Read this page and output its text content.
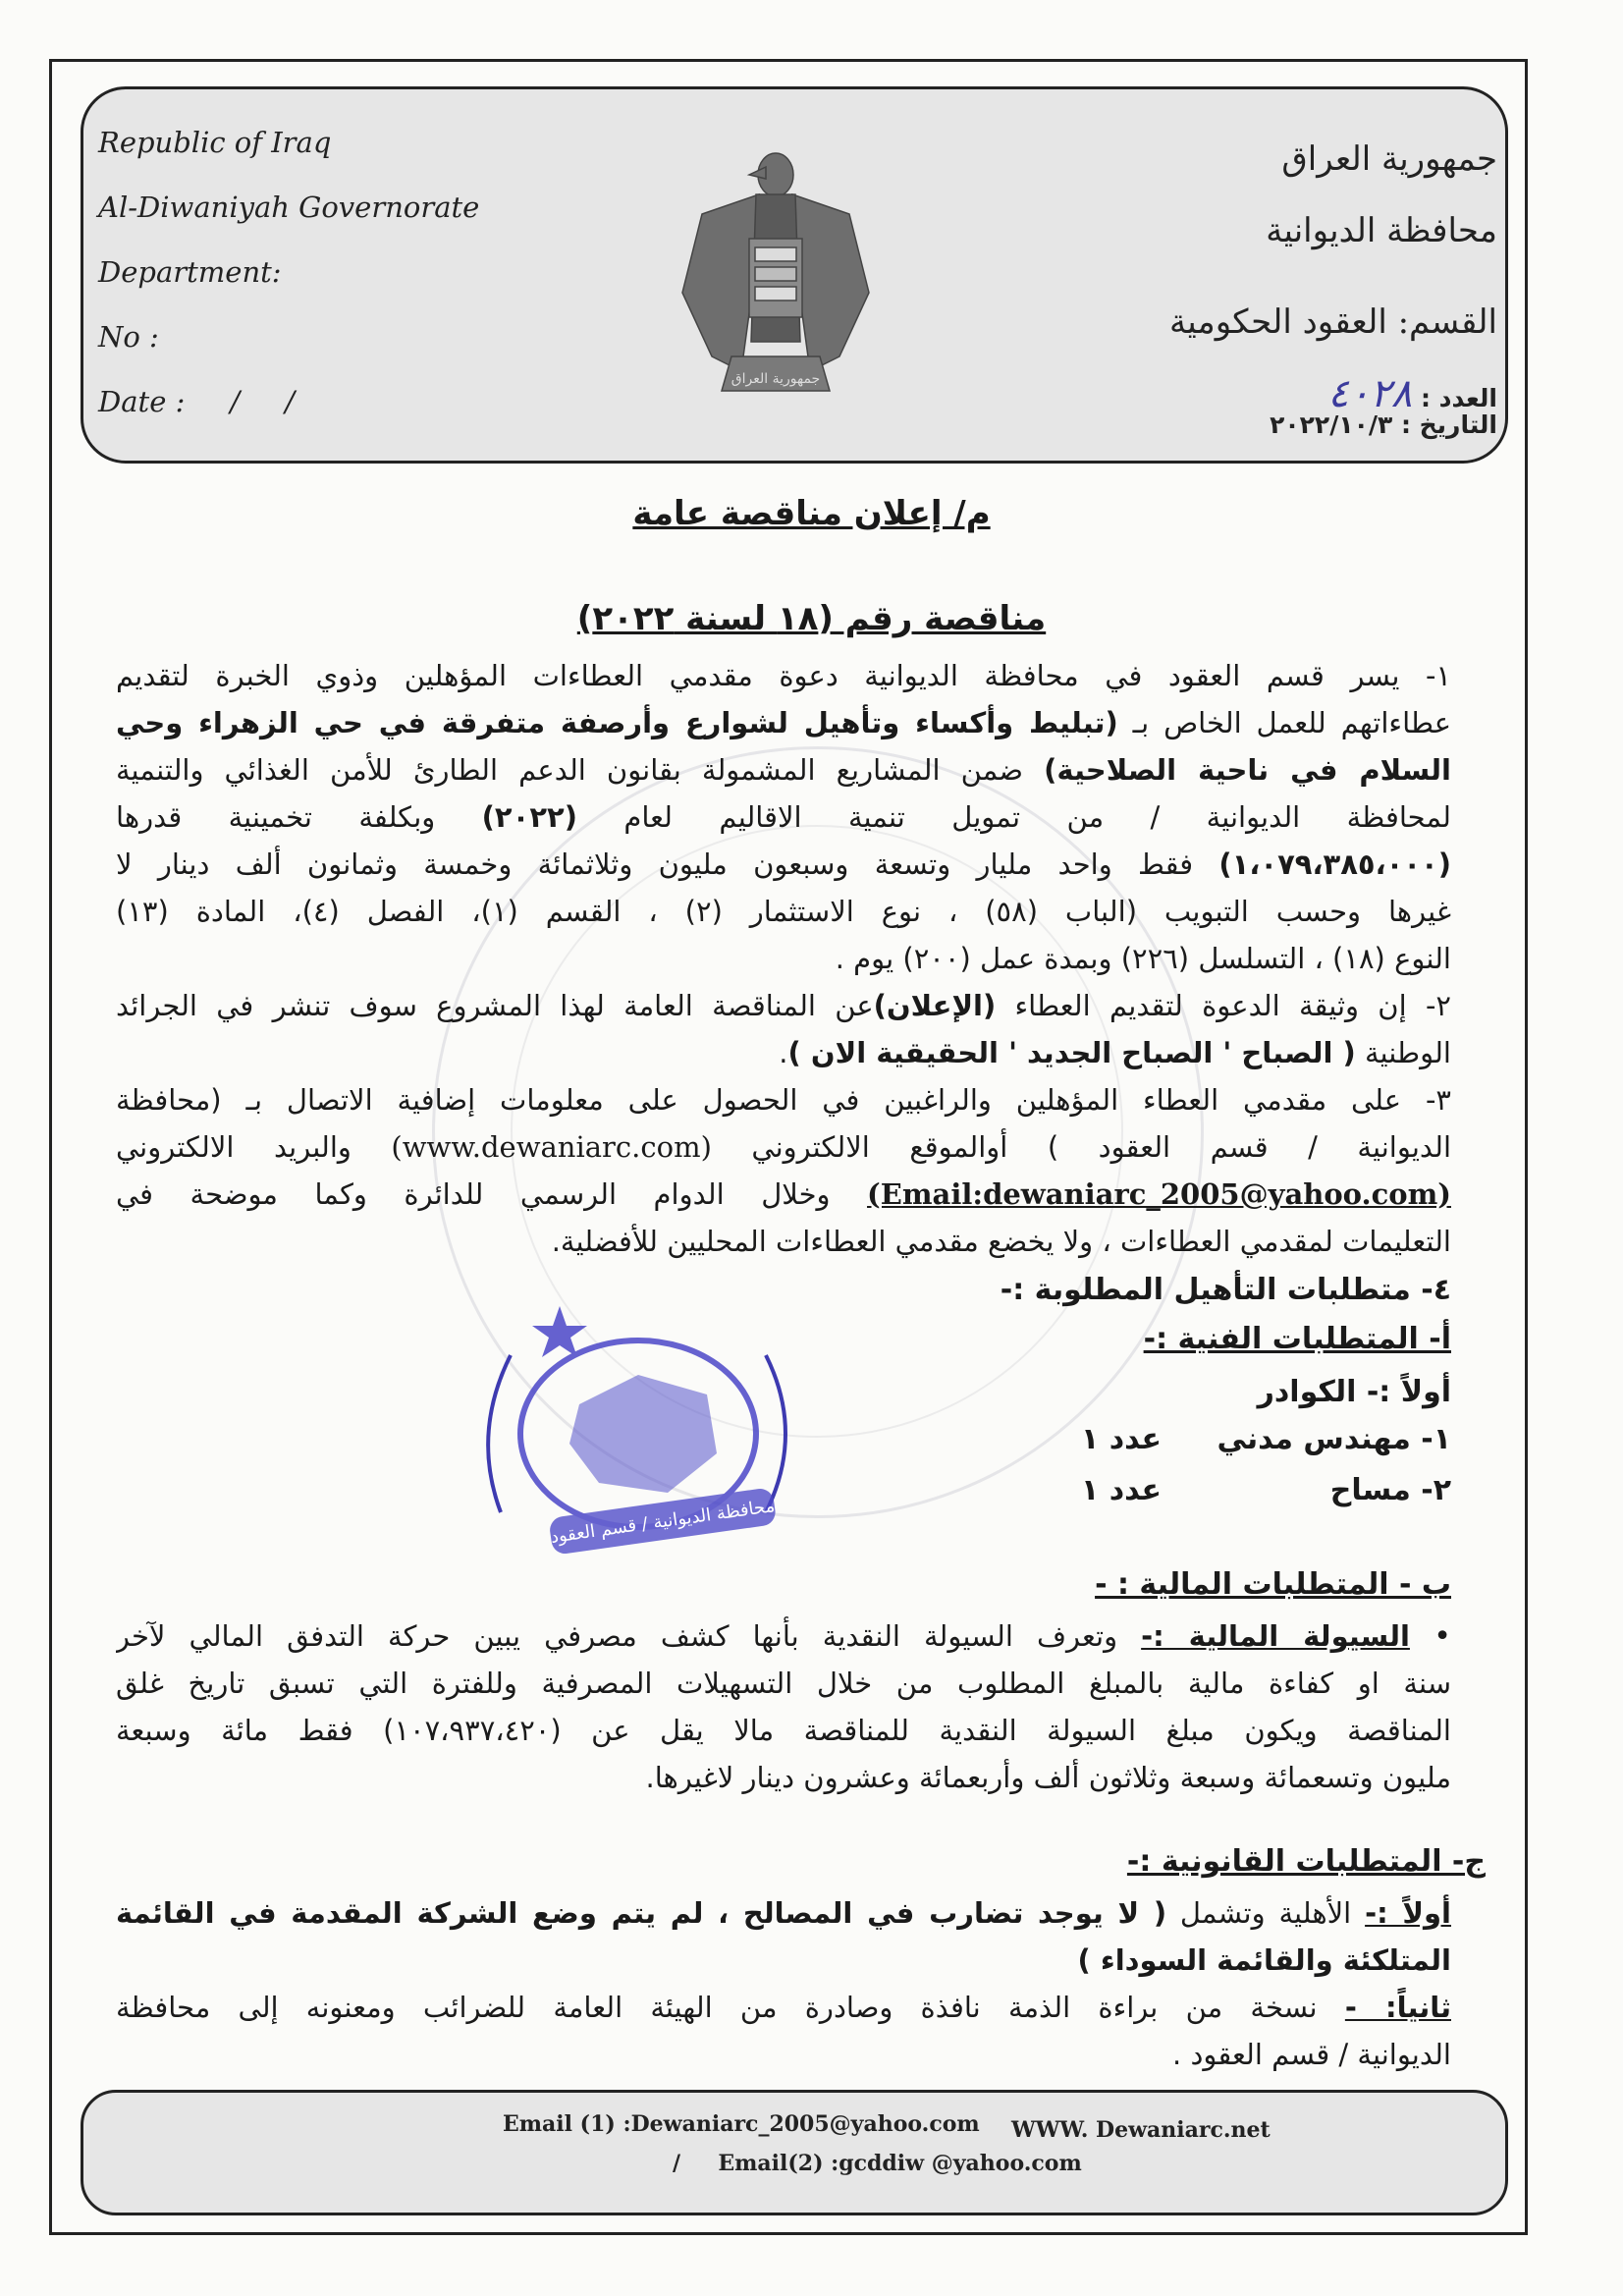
Republic of Iraq
Al-Diwaniyah Governorate
Department:
No :
Date :     /     /
جمهورية العراق
محافظة الديوانية
القسم: العقود الحكومية
العدد : ٤٠٢٨
التاريخ : ٢٠٢٢/١٠/٣
جمهورية العراق
م/ إعلان مناقصة عامة
مناقصة رقم (١٨ لسنة ٢٠٢٢)
١- يسر قسم العقود في محافظة الديوانية دعوة مقدمي العطاءات المؤهلين وذوي الخبرة لتقديم
عطاءاتهم للعمل الخاص بـ (تبليط وأكساء وتأهيل لشوارع وأرصفة متفرقة في حي الزهراء وحي
السلام في ناحية الصلاحية) ضمن المشاريع المشمولة بقانون الدعم الطارئ للأمن الغذائي والتنمية
لمحافظة الديوانية / من تمويل تنمية الاقاليم لعام (٢٠٢٢) وبكلفة تخمينية قدرها
(١،٠٧٩،٣٨٥،٠٠٠) فقط واحد مليار وتسعة وسبعون مليون وثلاثمائة وخمسة وثمانون ألف دينار لا
غيرها وحسب التبويب (الباب (٥٨) ، نوع الاستثمار (٢) ، القسم (١)، الفصل (٤)، المادة (١٣)
النوع (١٨) ، التسلسل (٢٢٦) وبمدة عمل (٢٠٠) يوم .
٢- إن وثيقة الدعوة لتقديم العطاء (الإعلان)عن المناقصة العامة لهذا المشروع سوف تنشر في الجرائد
الوطنية ( الصباح ' الصباح الجديد ' الحقيقية الان ).
٣- على مقدمي العطاء المؤهلين والراغبين في الحصول على معلومات إضافية الاتصال بـ (محافظة
الديوانية / قسم العقود ) أوالموقع الالكتروني (www.dewaniarc.com) والبريد الالكتروني
(Email:dewaniarc_2005@yahoo.com) وخلال الدوام الرسمي للدائرة وكما موضحة في
التعليمات لمقدمي العطاءات ، ولا يخضع مقدمي العطاءات المحليين للأفضلية.
٤- متطلبات التأهيل المطلوبة :-
أ- المتطلبات الفنية :-
أولاً :- الكوادر
١- مهندس مدني
عدد ١
٢- مساح
عدد ١
محافظة الديوانية / قسم العقود
ب - المتطلبات المالية : -
• السيولة المالية :- وتعرف السيولة النقدية بأنها كشف مصرفي يبين حركة التدفق المالي لآخر
سنة او كفاءة مالية بالمبلغ المطلوب من خلال التسهيلات المصرفية وللفترة التي تسبق تاريخ غلق
المناقصة ويكون مبلغ السيولة النقدية للمناقصة مالا يقل عن (١٠٧،٩٣٧،٤٢٠) فقط مائة وسبعة
مليون وتسعمائة وسبعة وثلاثون ألف وأربعمائة وعشرون دينار لاغيرها.
ج- المتطلبات القانونية :-
أولاً :- الأهلية وتشمل ( لا يوجد تضارب في المصالح ، لم يتم وضع الشركة المقدمة في القائمة
المتلكئة والقائمة السوداء )
ثانياً: - نسخة من براءة الذمة نافذة وصادرة من الهيئة العامة للضرائب ومعنونه إلى محافظة
الديوانية / قسم العقود .
Email (1) :Dewaniarc_2005@yahoo.com WWW. Dewaniarc.net
/     Email(2) :gcddiw @yahoo.com
